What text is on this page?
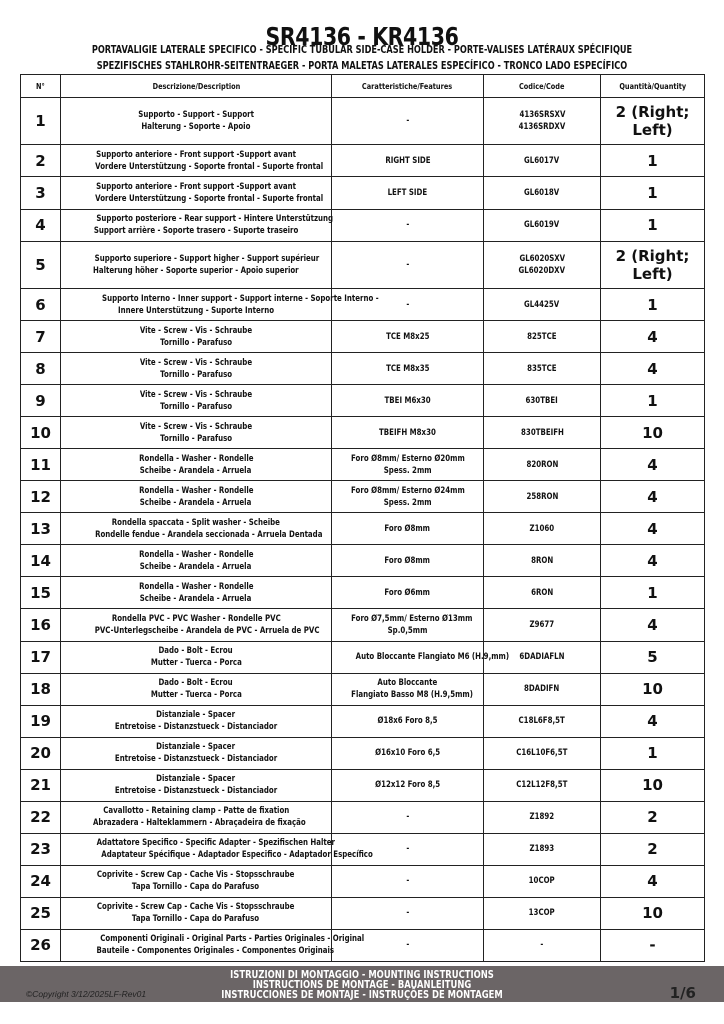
SR4136 - KR4136
PORTAVALIGIE LATERALE SPECIFICO - SPECIFIC TUBULAR SIDE-CASE HOLDER - PORTE-VALISES LATÉRAUX SPÉCIFIQUE
SPEZIFISCHES STAHLROHR-SEITENTRAEGER - PORTA MALETAS LATERALES ESPECÍFICO - TRONCO LADO ESPECÍFICO
N°	Descrizione/Description	Caratteristiche/Features	Codice/Code	Quantità/Quantity
1	Supporto - Support - Support
Halterung - Soporte - Apoio	-	4136SRSXV
4136SRDXV	2 (Right; Left)
2	Supporto anteriore - Front support -Support avant
Vordere Unterstützung - Soporte frontal - Suporte frontal	RIGHT SIDE	GL6017V	1
3	Supporto anteriore - Front support -Support avant
Vordere Unterstützung - Soporte frontal - Suporte frontal	LEFT SIDE	GL6018V	1
4	Supporto posteriore - Rear support - Hintere Unterstützung
Support arrière - Soporte trasero - Suporte traseiro	-	GL6019V	1
5	Supporto superiore - Support higher - Support supérieur
Halterung höher - Soporte superior - Apoio superior	-	GL6020SXV
GL6020DXV	2 (Right; Left)
6	Supporto Interno - Inner support - Support interne - Soporte Interno -
Innere Unterstützung - Suporte Interno	-	GL4425V	1
7	Vite - Screw - Vis - Schraube
Tornillo - Parafuso	TCE M8x25	825TCE	4
8	Vite - Screw - Vis - Schraube
Tornillo - Parafuso	TCE M8x35	835TCE	4
9	Vite - Screw - Vis - Schraube
Tornillo - Parafuso	TBEI M6x30	630TBEI	1
10	Vite - Screw - Vis - Schraube
Tornillo - Parafuso	TBEIFH M8x30	830TBEIFH	10
11	Rondella - Washer - Rondelle
Scheibe - Arandela - Arruela	Foro Ø8mm/ Esterno Ø20mm
Spess. 2mm	820RON	4
12	Rondella - Washer - Rondelle
Scheibe - Arandela - Arruela	Foro Ø8mm/ Esterno Ø24mm
Spess. 2mm	258RON	4
13	Rondella spaccata - Split washer - Scheibe
Rondelle fendue - Arandela seccionada - Arruela Dentada	Foro Ø8mm	Z1060	4
14	Rondella - Washer - Rondelle
Scheibe - Arandela - Arruela	Foro Ø8mm	8RON	4
15	Rondella - Washer - Rondelle
Scheibe - Arandela - Arruela	Foro Ø6mm	6RON	1
16	Rondella PVC - PVC Washer - Rondelle PVC
PVC-Unterlegscheibe - Arandela de PVC - Arruela de PVC	Foro Ø7,5mm/ Esterno Ø13mm
Sp.0,5mm	Z9677	4
17	Dado - Bolt - Ecrou
Mutter - Tuerca - Porca	Auto Bloccante Flangiato M6 (H.9,mm)	6DADIAFLN	5
18	Dado - Bolt - Ecrou
Mutter - Tuerca - Porca	Auto Bloccante
Flangiato Basso M8 (H.9,5mm)	8DADIFN	10
19	Distanziale - Spacer
Entretoise - Distanzstueck - Distanciador	Ø18x6 Foro 8,5	C18L6F8,5T	4
20	Distanziale - Spacer
Entretoise - Distanzstueck - Distanciador	Ø16x10 Foro 6,5	C16L10F6,5T	1
21	Distanziale - Spacer
Entretoise - Distanzstueck - Distanciador	Ø12x12 Foro 8,5	C12L12F8,5T	10
22	Cavallotto - Retaining clamp - Patte de fixation
Abrazadera - Halteklammern - Abraçadeira de fixação	-	Z1892	2
23	Adattatore Specifico - Specific Adapter - Spezifischen Halter
Adaptateur Spécifique - Adaptador Especifico - Adaptador Específico	-	Z1893	2
24	Coprivite - Screw Cap - Cache Vis - Stopsschraube
Tapa Tornillo - Capa do Parafuso	-	10COP	4
25	Coprivite - Screw Cap - Cache Vis - Stopsschraube
Tapa Tornillo - Capa do Parafuso	-	13COP	10
26	Componenti Originali - Original Parts - Parties Originales - Original
Bauteile - Componentes Originales - Componentes Originais	-	-	-
ISTRUZIONI DI MONTAGGIO - MOUNTING INSTRUCTIONS
INSTRUCTIONS DE MONTAGE - BAUANLEITUNG
INSTRUCCIONES DE MONTAJE - INSTRUÇÕES DE MONTAGEM
©Copyright 3/12/2025LF-Rev01	1/6
